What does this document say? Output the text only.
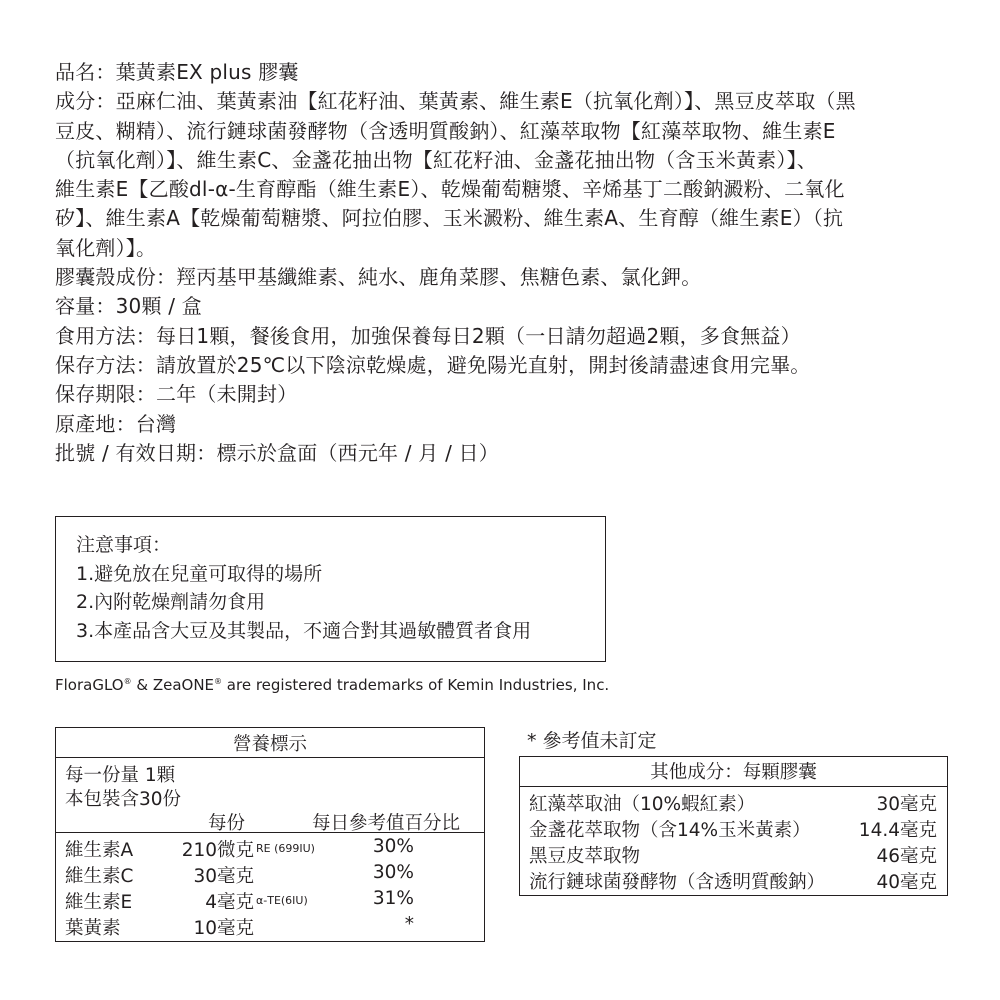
品名：葉黃素EX plus 膠囊

成分：亞麻仁油、葉黃素油【紅花籽油、葉黃素、維生素E（抗氧化劑）】、黑豆皮萃取（黑

豆皮、糊精）、流行鏈球菌發酵物（含透明質酸鈉）、紅藻萃取物【紅藻萃取物、維生素E

（抗氧化劑）】、維生素C、金盞花抽出物【紅花籽油、金盞花抽出物（含玉米黃素）】、

維生素E【乙酸dl-α-生育醇酯（維生素E）、乾燥葡萄糖漿、辛烯基丁二酸鈉澱粉、二氧化

矽】、維生素A【乾燥葡萄糖漿、阿拉伯膠、玉米澱粉、維生素A、生育醇（維生素E）（抗

氧化劑）】。

膠囊殼成份：羥丙基甲基纖維素、純水、鹿角菜膠、焦糖色素、氯化鉀。

容量：30顆 / 盒

食用方法：每日1顆，餐後食用，加強保養每日2顆（一日請勿超過2顆，多食無益）

保存方法：請放置於25℃以下陰涼乾燥處，避免陽光直射，開封後請盡速食用完畢。

保存期限：二年（未開封）

原產地：台灣

批號 / 有效日期：標示於盒面（西元年 / 月 / 日）

注意事項：
1.避免放在兒童可取得的場所
2.內附乾燥劑請勿食用
3.本產品含大豆及其製品，不適合對其過敏體質者食用
FloraGLO® & ZeaONE® are registered trademarks of Kemin Industries, Inc.
營養標示
每一份量 1顆
本包裝含30份
每份	每日參考值百分比
維生素A	210微克 RE (699IU)	30%
維生素C	30毫克	30%
維生素E	4毫克 α-TE(6IU)	31%
葉黃素	10毫克	*
* 參考值未訂定
其他成分：每顆膠囊
紅藻萃取油（10%蝦紅素）	30毫克
金盞花萃取物（含14%玉米黃素）	14.4毫克
黑豆皮萃取物	46毫克
流行鏈球菌發酵物（含透明質酸鈉）	40毫克
